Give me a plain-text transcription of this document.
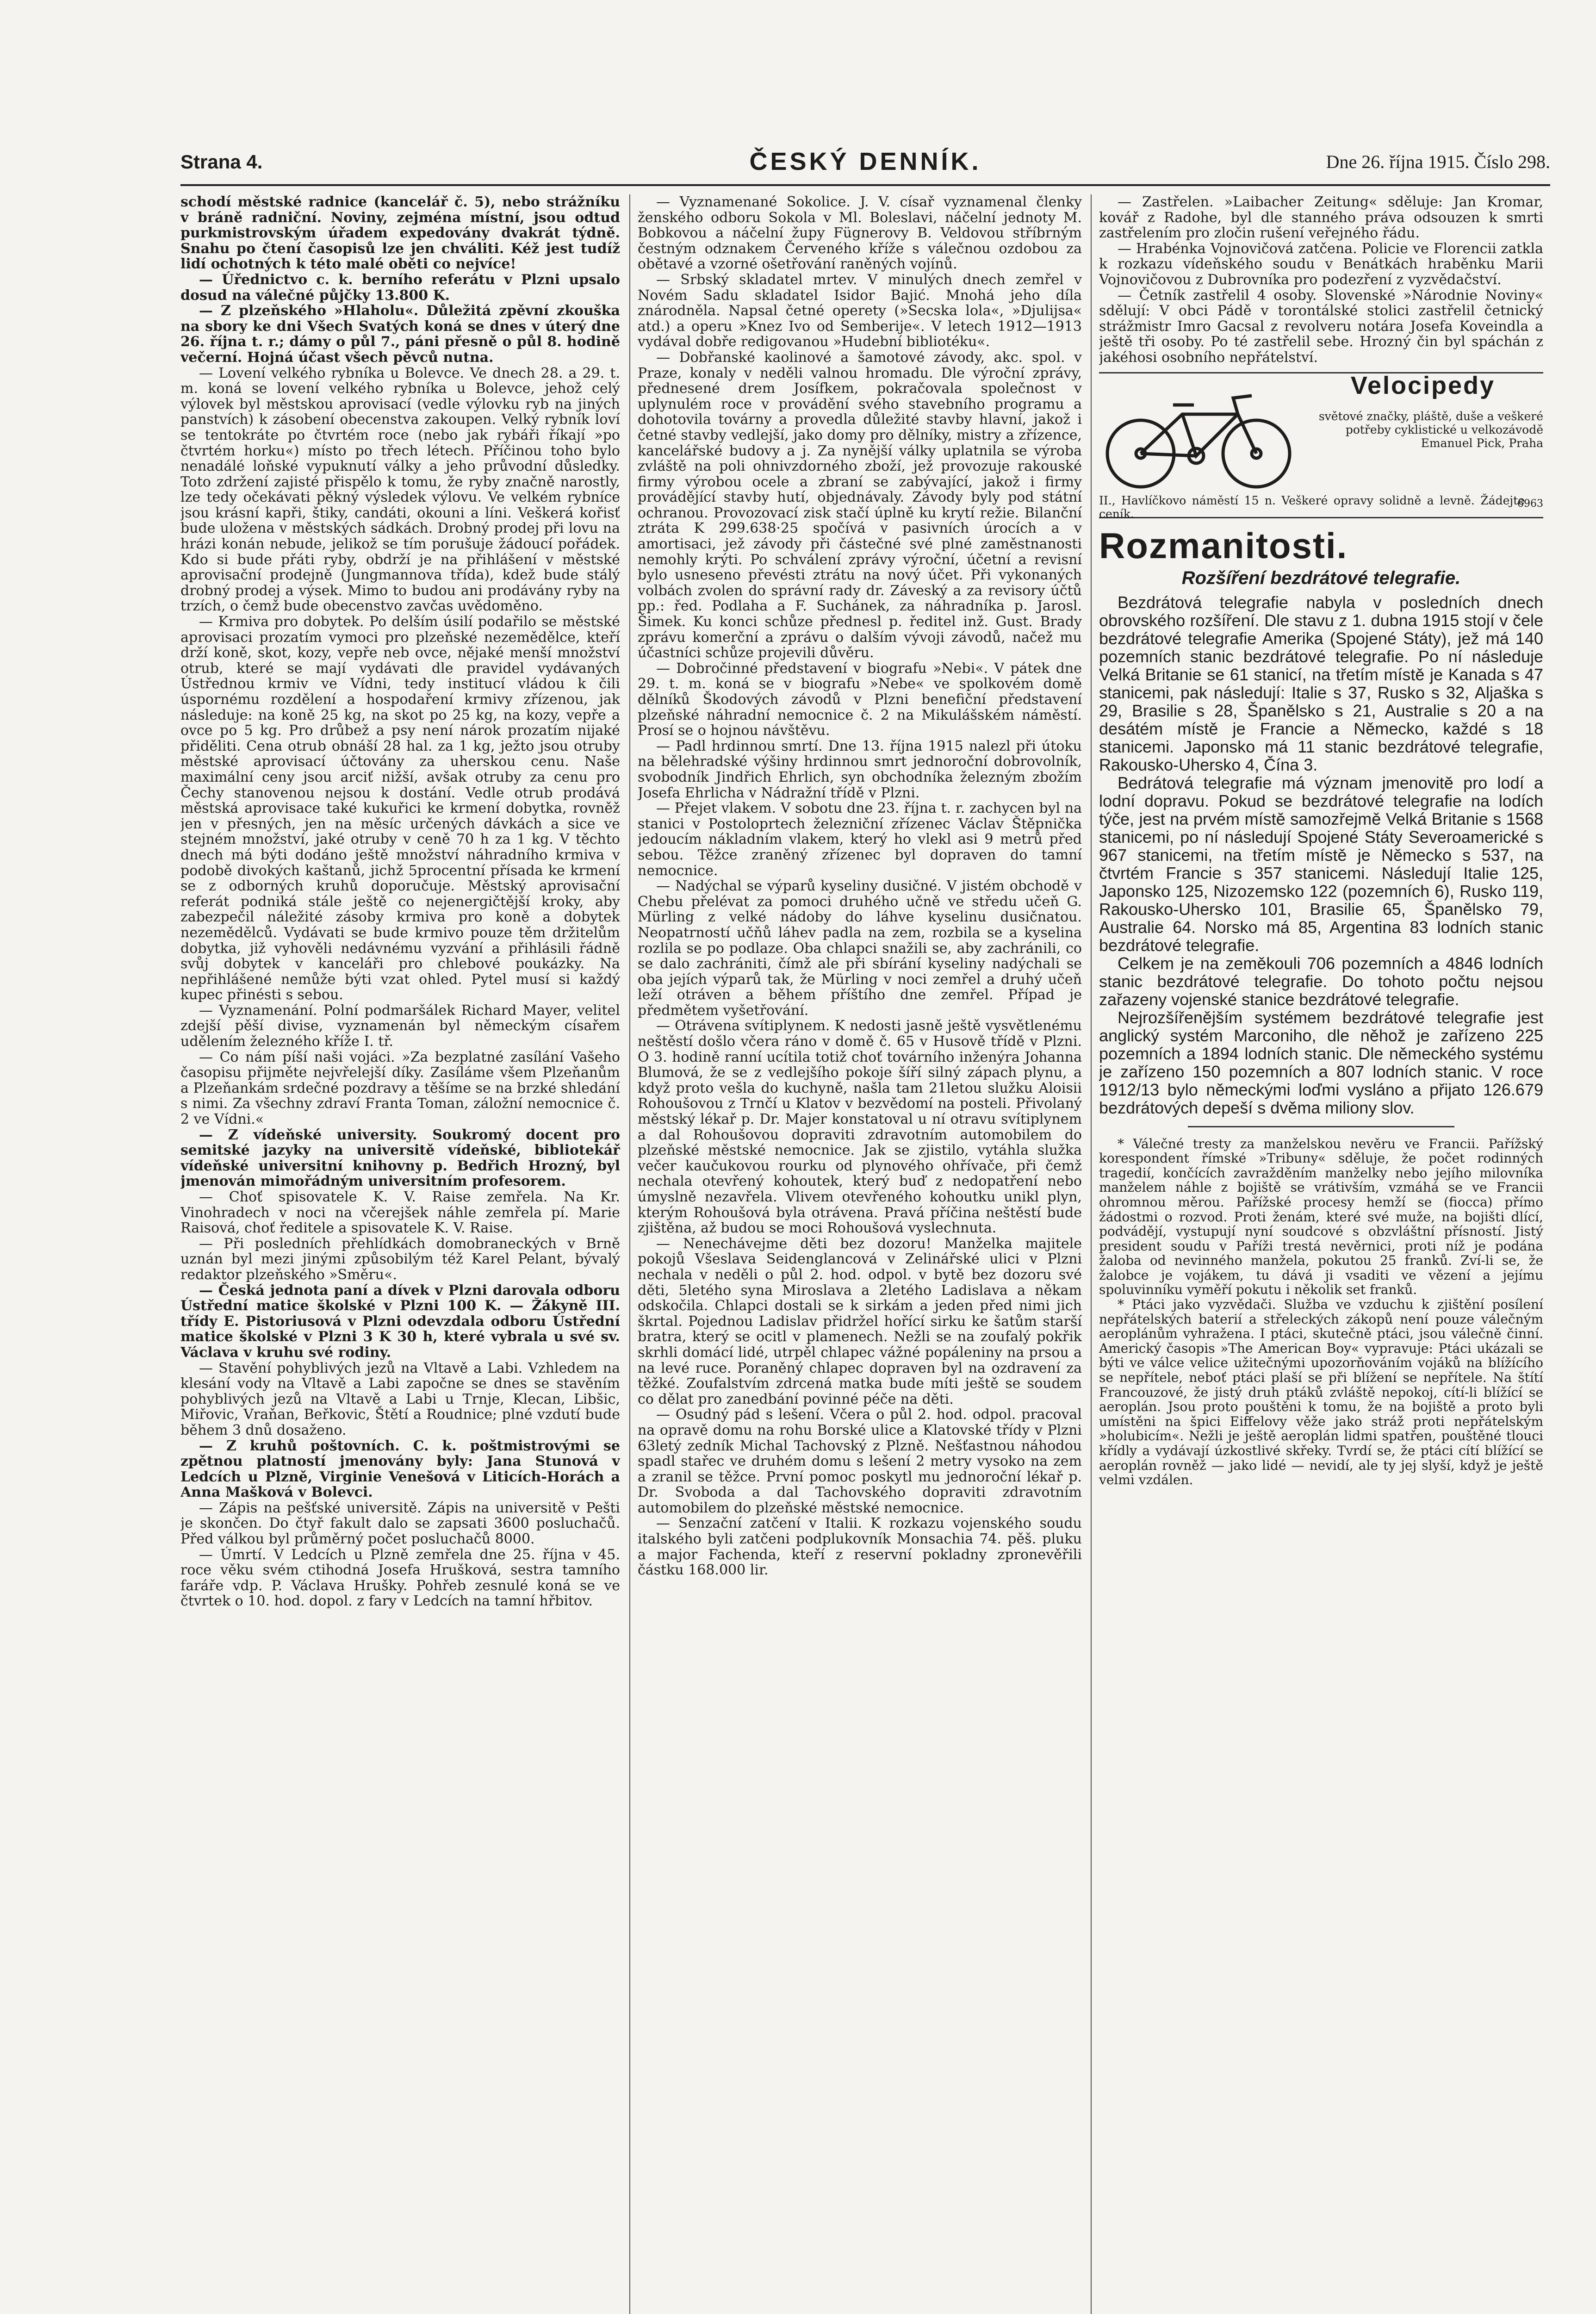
Strana 4.	ČESKÝ DENNÍK.	Dne 26. října 1915. Číslo 298.

schodí městské radnice (kancelář č. 5), nebo strážníku v bráně radniční. Noviny, zejména místní, jsou odtud purkmistrovským úřadem expedovány dvakrát týdně. Snahu po čtení časopisů lze jen chváliti. Kéž jest tudíž lidí ochotných k této malé oběti co nejvíce!

— Úřednictvo c. k. berního referátu v Plzni upsalo dosud na válečné půjčky 13.800 K.

— Z plzeňského »Hlaholu«. Důležitá zpěvní zkouška na sbory ke dni Všech Svatých koná se dnes v úterý dne 26. října t. r.; dámy o půl 7., páni přesně o půl 8. hodině večerní. Hojná účast všech pěvců nutna.

— Lovení velkého rybníka u Bolevce. Ve dnech 28. a 29. t. m. koná se lovení velkého rybníka u Bolevce, jehož celý výlovek byl městskou aprovisací (vedle výlovku ryb na jiných panstvích) k zásobení obecenstva zakoupen. Velký rybník loví se tentokráte po čtvrtém roce (nebo jak rybáři říkají »po čtvrtém horku«) místo po třech létech. Příčinou toho bylo nenadálé loňské vypuknutí války a jeho průvodní důsledky. Toto zdržení zajisté přispělo k tomu, že ryby značně narostly, lze tedy očekávati pěkný výsledek výlovu. Ve velkém rybníce jsou krásní kapři, štiky, candáti, okouni a líni. Veškerá kořisť bude uložena v městských sádkách. Drobný prodej při lovu na hrázi konán nebude, jelikož se tím porušuje žádoucí pořádek. Kdo si bude přáti ryby, obdrží je na přihlášení v městské aprovisační prodejně (Jungmannova třída), kdež bude stálý drobný prodej a výsek. Mimo to budou ani prodávány ryby na trzích, o čemž bude obecenstvo zavčas uvědoměno.

— Krmiva pro dobytek. Po delším úsilí podařilo se městské aprovisaci prozatím vymoci pro plzeňské nezemědělce, kteří drží koně, skot, kozy, vepře neb ovce, nějaké menší množství otrub, které se mají vydávati dle pravidel vydávaných Ústřednou krmiv ve Vídni, tedy institucí vládou k čili úspornému rozdělení a hospodaření krmivy zřízenou, jak následuje: na koně 25 kg, na skot po 25 kg, na kozy, vepře a ovce po 5 kg. Pro drůbež a psy není nárok prozatím nijaké přiděliti. Cena otrub obnáší 28 hal. za 1 kg, ježto jsou otruby městské aprovisací účtovány za uherskou cenu. Naše maximální ceny jsou arciť nižší, avšak otruby za cenu pro Čechy stanovenou nejsou k dostání. Vedle otrub prodává městská aprovisace také kukuřici ke krmení dobytka, rovněž jen v přesných, jen na měsíc určených dávkách a sice ve stejném množství, jaké otruby v ceně 70 h za 1 kg. V těchto dnech má býti dodáno ještě množství náhradního krmiva v podobě divokých kaštanů, jichž 5procentní přísada ke krmení se z odborných kruhů doporučuje. Městský aprovisační referát podniká stále ještě co nejenergičtější kroky, aby zabezpečil náležité zásoby krmiva pro koně a dobytek nezemědělců. Vydávati se bude krmivo pouze těm držitelům dobytka, již vyhověli nedávnému vyzvání a přihlásili řádně svůj dobytek v kanceláři pro chlebové poukázky. Na nepřihlášené nemůže býti vzat ohled. Pytel musí si každý kupec přinésti s sebou.

— Vyznamenání. Polní podmaršálek Richard Mayer, velitel zdejší pěší divise, vyznamenán byl německým císařem udělením železného kříže I. tř.

— Co nám píší naši vojáci. »Za bezplatné zasílání Vašeho časopisu přijměte nejvřelejší díky. Zasíláme všem Plzeňanům a Plzeňankám srdečné pozdravy a těšíme se na brzké shledání s nimi. Za všechny zdraví Franta Toman, záložní nemocnice č. 2 ve Vídni.«

— Z vídeňské university. Soukromý docent pro semitské jazyky na universitě vídeňské, bibliotekář vídeňské universitní knihovny p. Bedřich Hrozný, byl jmenován mimořádným universitním profesorem.

— Choť spisovatele K. V. Raise zemřela. Na Kr. Vinohradech v noci na včerejšek náhle zemřela pí. Marie Raisová, choť ředitele a spisovatele K. V. Raise.

— Při posledních přehlídkách domobraneckých v Brně uznán byl mezi jinými způsobilým též Karel Pelant, bývalý redaktor plzeňského »Směru«.

— Česká jednota paní a dívek v Plzni darovala odboru Ústřední matice školské v Plzni 100 K. — Žákyně III. třídy E. Pistoriusová v Plzni odevzdala odboru Ústřední matice školské v Plzni 3 K 30 h, které vybrala u své sv. Václava v kruhu své rodiny.

— Stavění pohyblivých jezů na Vltavě a Labi. Vzhledem na klesání vody na Vltavě a Labi započne se dnes se stavěním pohyblivých jezů na Vltavě a Labi u Trnje, Klecan, Libšic, Miřovic, Vraňan, Beřkovic, Štětí a Roudnice; plné vzdutí bude během 3 dnů dosaženo.

— Z kruhů poštovních. C. k. poštmistrovými se zpětnou platností jmenovány byly: Jana Stunová v Ledcích u Plzně, Virginie Venešová v Liticích-Horách a Anna Mašková v Bolevci.

— Zápis na pešťské universitě. Zápis na universitě v Pešti je skončen. Do čtyř fakult dalo se zapsati 3600 posluchačů. Před válkou byl průměrný počet posluchačů 8000.

— Úmrtí. V Ledcích u Plzně zemřela dne 25. října v 45. roce věku svém ctihodná Josefa Hrušková, sestra tamního faráře vdp. P. Václava Hrušky. Pohřeb zesnulé koná se ve čtvrtek o 10. hod. dopol. z fary v Ledcích na tamní hřbitov.

— Vyznamenané Sokolice. J. V. císař vyznamenal členky ženského odboru Sokola v Ml. Boleslavi, náčelní jednoty M. Bobkovou a náčelní župy Fügnerovy B. Veldovou stříbrným čestným odznakem Červeného kříže s válečnou ozdobou za obětavé a vzorné ošetřování raněných vojínů.

— Srbský skladatel mrtev. V minulých dnech zemřel v Novém Sadu skladatel Isidor Bajić. Mnohá jeho díla znárodněla. Napsal četné operety (»Secska lola«, »Djulijsa« atd.) a operu »Knez Ivo od Semberije«. V letech 1912—1913 vydával dobře redigovanou »Hudební bibliotéku«.

— Dobřanské kaolinové a šamotové závody, akc. spol. v Praze, konaly v neděli valnou hromadu. Dle výroční zprávy, přednesené drem Josífkem, pokračovala společnost v uplynulém roce v provádění svého stavebního programu a dohotovila továrny a provedla důležité stavby hlavní, jakož i četné stavby vedlejší, jako domy pro dělníky, mistry a zřízence, kancelářské budovy a j. Za nynější války uplatnila se výroba zvláště na poli ohnivzdorného zboží, jež provozuje rakouské firmy výrobou ocele a zbraní se zabývající, jakož i firmy provádějící stavby hutí, objednávaly. Závody byly pod státní ochranou. Provozovací zisk stačí úplně ku krytí režie. Bilanční ztráta K 299.638·25 spočívá v pasivních úrocích a v amortisaci, jež závody při částečné své plné zaměstnanosti nemohly krýti. Po schválení zprávy výroční, účetní a revisní bylo usneseno převésti ztrátu na nový účet. Při vykonaných volbách zvolen do správní rady dr. Záveský a za revisory účtů pp.: řed. Podlaha a F. Suchánek, za náhradníka p. Jarosl. Šimek. Ku konci schůze přednesl p. ředitel inž. Gust. Brady zprávu komerční a zprávu o dalším vývoji závodů, načež mu účastníci schůze projevili důvěru.

— Dobročinné představení v biografu »Nebi«. V pátek dne 29. t. m. koná se v biografu »Nebe« ve spolkovém domě dělníků Škodových závodů v Plzni benefiční představení plzeňské náhradní nemocnice č. 2 na Mikulášském náměstí. Prosí se o hojnou návštěvu.

— Padl hrdinnou smrtí. Dne 13. října 1915 nalezl při útoku na bělehradské výšiny hrdinnou smrt jednoroční dobrovolník, svobodník Jindřich Ehrlich, syn obchodníka železným zbožím Josefa Ehrlicha v Nádražní třídě v Plzni.

— Přejet vlakem. V sobotu dne 23. října t. r. zachycen byl na stanici v Postoloprtech železniční zřízenec Václav Štěpnička jedoucím nákladním vlakem, který ho vlekl asi 9 metrů před sebou. Těžce zraněný zřízenec byl dopraven do tamní nemocnice.

— Nadýchal se výparů kyseliny dusičné. V jistém obchodě v Chebu přelévat za pomoci druhého učně ve středu učeň G. Mürling z velké nádoby do láhve kyselinu dusičnatou. Neopatrností učňů láhev padla na zem, rozbila se a kyselina rozlila se po podlaze. Oba chlapci snažili se, aby zachránili, co se dalo zachrániti, čímž ale při sbírání kyseliny nadýchali se oba jejích výparů tak, že Mürling v noci zemřel a druhý učeň leží otráven a během příštího dne zemřel. Případ je předmětem vyšetřování.

— Otrávena svítiplynem. K nedosti jasně ještě vysvětlenému neštěstí došlo včera ráno v domě č. 65 v Husově třídě v Plzni. O 3. hodině ranní ucítila totiž choť továrního inženýra Johanna Blumová, že se z vedlejšího pokoje šíří silný zápach plynu, a když proto vešla do kuchyně, našla tam 21letou služku Aloisii Rohoušovou z Trnčí u Klatov v bezvědomí na posteli. Přivolaný městský lékař p. Dr. Majer konstatoval u ní otravu svítiplynem a dal Rohoušovou dopraviti zdravotním automobilem do plzeňské městské nemocnice. Jak se zjistilo, vytáhla služka večer kaučukovou rourku od plynového ohřívače, při čemž nechala otevřený kohoutek, který buď z nedopatření nebo úmyslně nezavřela. Vlivem otevřeného kohoutku unikl plyn, kterým Rohoušová byla otrávena. Pravá příčina neštěstí bude zjištěna, až budou se moci Rohoušová vyslechnuta.

— Nenechávejme děti bez dozoru! Manželka majitele pokojů Všeslava Seidenglancová v Zelinářské ulici v Plzni nechala v neděli o půl 2. hod. odpol. v bytě bez dozoru své děti, 5letého syna Miroslava a 2letého Ladislava a někam odskočila. Chlapci dostali se k sirkám a jeden před nimi jich škrtal. Pojednou Ladislav přidržel hořící sirku ke šatům starší bratra, který se ocitl v plamenech. Nežli se na zoufalý pokřik skrhli domácí lidé, utrpěl chlapec vážné popáleniny na prsou a na levé ruce. Poraněný chlapec dopraven byl na ozdravení za těžké. Zoufalstvím zdrcená matka bude míti ještě se soudem co dělat pro zanedbání povinné péče na děti.

— Osudný pád s lešení. Včera o půl 2. hod. odpol. pracoval na opravě domu na rohu Borské ulice a Klatovské třídy v Plzni 63letý zedník Michal Tachovský z Plzně. Nešťastnou náhodou spadl stařec ve druhém domu s lešení 2 metry vysoko na zem a zranil se těžce. První pomoc poskytl mu jednoroční lékař p. Dr. Svoboda a dal Tachovského dopraviti zdravotním automobilem do plzeňské městské nemocnice.

— Senzační zatčení v Italii. K rozkazu vojenského soudu italského byli zatčeni podplukovník Monsachia 74. pěš. pluku a major Fachenda, kteří z reservní pokladny zpronevěřili částku 168.000 lir.

— Zastřelen. »Laibacher Zeitung« sděluje: Jan Kromar, kovář z Radohe, byl dle stanného práva odsouzen k smrti zastřelením pro zločin rušení veřejného řádu.

— Hrabénka Vojnovičová zatčena. Policie ve Florencii zatkla k rozkazu vídeňského soudu v Benátkách hraběnku Marii Vojnovičovou z Dubrovníka pro podezření z vyzvědačství.

— Četník zastřelil 4 osoby. Slovenské »Národnie Noviny« sdělují: V obci Pádě v torontálské stolici zastřelil četnický strážmistr Imro Gacsal z revolveru notára Josefa Koveindla a ještě tři osoby. Po té zastřelil sebe. Hrozný čin byl spáchán z jakéhosi osobního nepřátelství.

Velocipedy
světové značky, pláště, duše a veškeré potřeby cyklistické u velkozávodě Emanuel Pick, Praha
II., Havlíčkovo náměstí 15 n. Veškeré opravy solidně a levně. Žádejte ceník.
6963
Rozmanitosti.
Rozšíření bezdrátové telegrafie.

Bezdrátová telegrafie nabyla v posledních dnech obrovského rozšíření. Dle stavu z 1. dubna 1915 stojí v čele bezdrátové telegrafie Amerika (Spojené Státy), jež má 140 pozemních stanic bezdrátové telegrafie. Po ní následuje Velká Britanie se 61 stanicí, na třetím místě je Kanada s 47 stanicemi, pak následují: Italie s 37, Rusko s 32, Aljaška s 29, Brasilie s 28, Španělsko s 21, Australie s 20 a na desátém místě je Francie a Německo, každé s 18 stanicemi. Japonsko má 11 stanic bezdrátové telegrafie, Rakousko-Uhersko 4, Čína 3.

Bedrátová telegrafie má význam jmenovitě pro lodí a lodní dopravu. Pokud se bezdrátové telegrafie na lodích týče, jest na prvém místě samozřejmě Velká Britanie s 1568 stanicemi, po ní následují Spojené Státy Severoamerické s 967 stanicemi, na třetím místě je Německo s 537, na čtvrtém Francie s 357 stanicemi. Následují Italie 125, Japonsko 125, Nizozemsko 122 (pozemních 6), Rusko 119, Rakousko-Uhersko 101, Brasilie 65, Španělsko 79, Australie 64. Norsko má 85, Argentina 83 lodních stanic bezdrátové telegrafie.

Celkem je na zeměkouli 706 pozemních a 4846 lodních stanic bezdrátové telegrafie. Do tohoto počtu nejsou zařazeny vojenské stanice bezdrátové telegrafie.

Nejrozšířenějším systémem bezdrátové telegrafie jest anglický systém Marconiho, dle něhož je zařízeno 225 pozemních a 1894 lodních stanic. Dle německého systému je zařízeno 150 pozemních a 807 lodních stanic. V roce 1912/13 bylo německými loďmi vysláno a přijato 126.679 bezdrátových depeší s dvěma miliony slov.

* Válečné tresty za manželskou nevěru ve Francii. Pařížský korespondent římské »Tribuny« sděluje, že počet rodinných tragedií, končících zavražděním manželky nebo jejího milovníka manželem náhle z bojiště se vrátivším, vzmáhá se ve Francii ohromnou měrou. Pařížské procesy hemží se (fiocca) přímo žádostmi o rozvod. Proti ženám, které své muže, na bojišti dlící, podvádějí, vystupují nyní soudcové s obzvláštní přísností. Jistý president soudu v Paříži trestá nevěrnici, proti níž je podána žaloba od nevinného manžela, pokutou 25 franků. Zví-li se, že žalobce je vojákem, tu dává ji vsaditi ve vězení a jejímu spoluvinníku vyměří pokutu i několik set franků.

* Ptáci jako vyzvědači. Služba ve vzduchu k zjištění posílení nepřátelských baterií a střeleckých zákopů není pouze válečným aeroplánům vyhražena. I ptáci, skutečně ptáci, jsou válečně činní. Americký časopis »The American Boy« vypravuje: Ptáci ukázali se býti ve válce velice užitečnými upozorňováním vojáků na blížícího se nepřítele, neboť ptáci plaší se při blížení se nepřítele. Na štítí Francouzové, že jistý druh ptáků zvláště nepokoj, cítí-li blížící se aeroplán. Jsou proto pouštěni k tomu, že na bojiště a proto byli umístěni na špici Eiffelovy věže jako stráž proti nepřátelským »holubicím«. Nežli je ještě aeroplán lidmi spatřen, pouštěné tlouci křídly a vydávají úzkostlivé skřeky. Tvrdí se, že ptáci cítí blížící se aeroplán rovněž — jako lidé — nevidí, ale ty jej slyší, když je ještě velmi vzdálen.
